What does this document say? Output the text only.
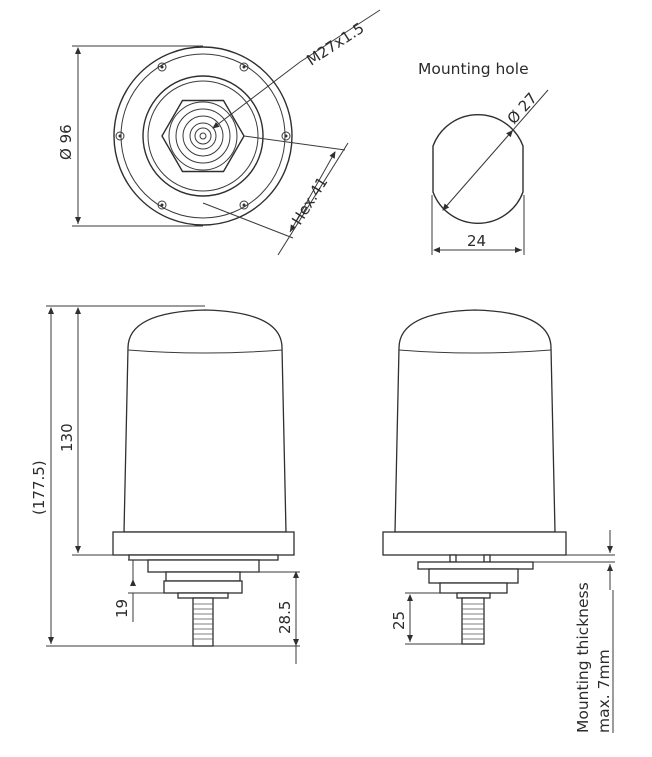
Ø 96
M27x1.5
Hex.41
Mounting hole
Ø 27
24
(177.5)
130
19	28.5	25	Mounting thickness max. 7mm
